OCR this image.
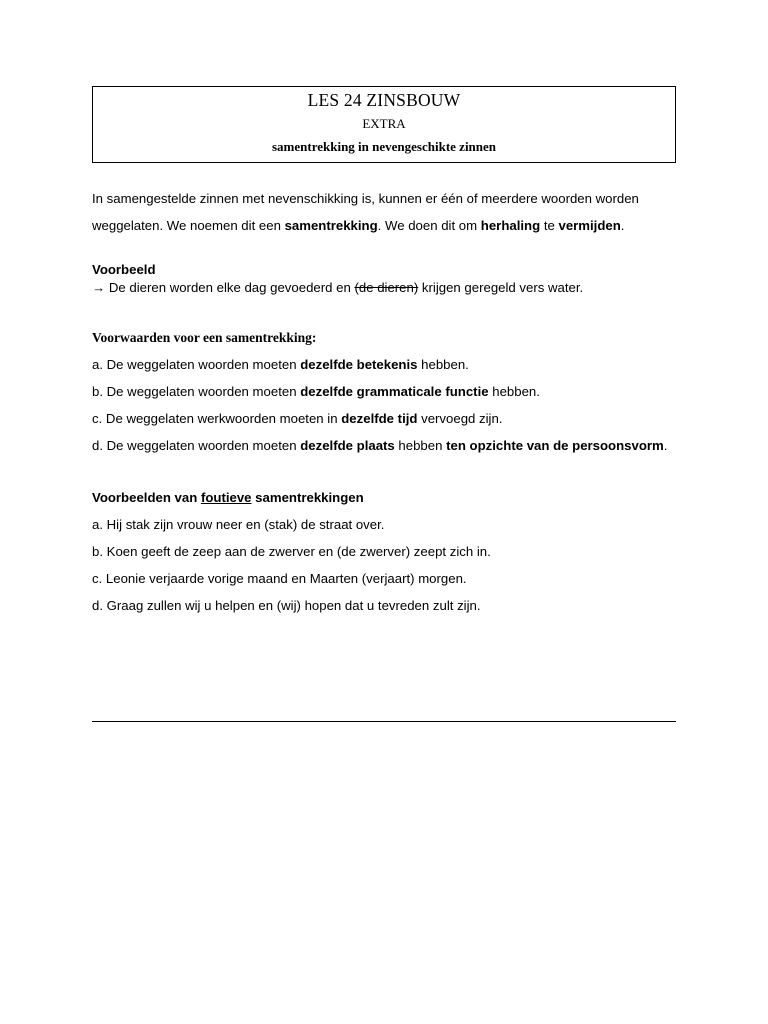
LES 24 ZINSBOUW
EXTRA
samentrekking in nevengeschikte zinnen

In samengestelde zinnen met nevenschikking is, kunnen er één of meerdere woorden worden weggelaten. We noemen dit een samentrekking. We doen dit om herhaling te vermijden.

Voorbeeld

→ De dieren worden elke dag gevoederd en (de dieren) krijgen geregeld vers water.

Voorwaarden voor een samentrekking:

a. De weggelaten woorden moeten dezelfde betekenis hebben.

b. De weggelaten woorden moeten dezelfde grammaticale functie hebben.

c. De weggelaten werkwoorden moeten in dezelfde tijd vervoegd zijn.

d. De weggelaten woorden moeten dezelfde plaats hebben ten opzichte van de persoonsvorm.

Voorbeelden van foutieve samentrekkingen

a. Hij stak zijn vrouw neer en (stak) de straat over.

b. Koen geeft de zeep aan de zwerver en (de zwerver) zeept zich in.

c. Leonie verjaarde vorige maand en Maarten (verjaart) morgen.

d. Graag zullen wij u helpen en (wij) hopen dat u tevreden zult zijn.
